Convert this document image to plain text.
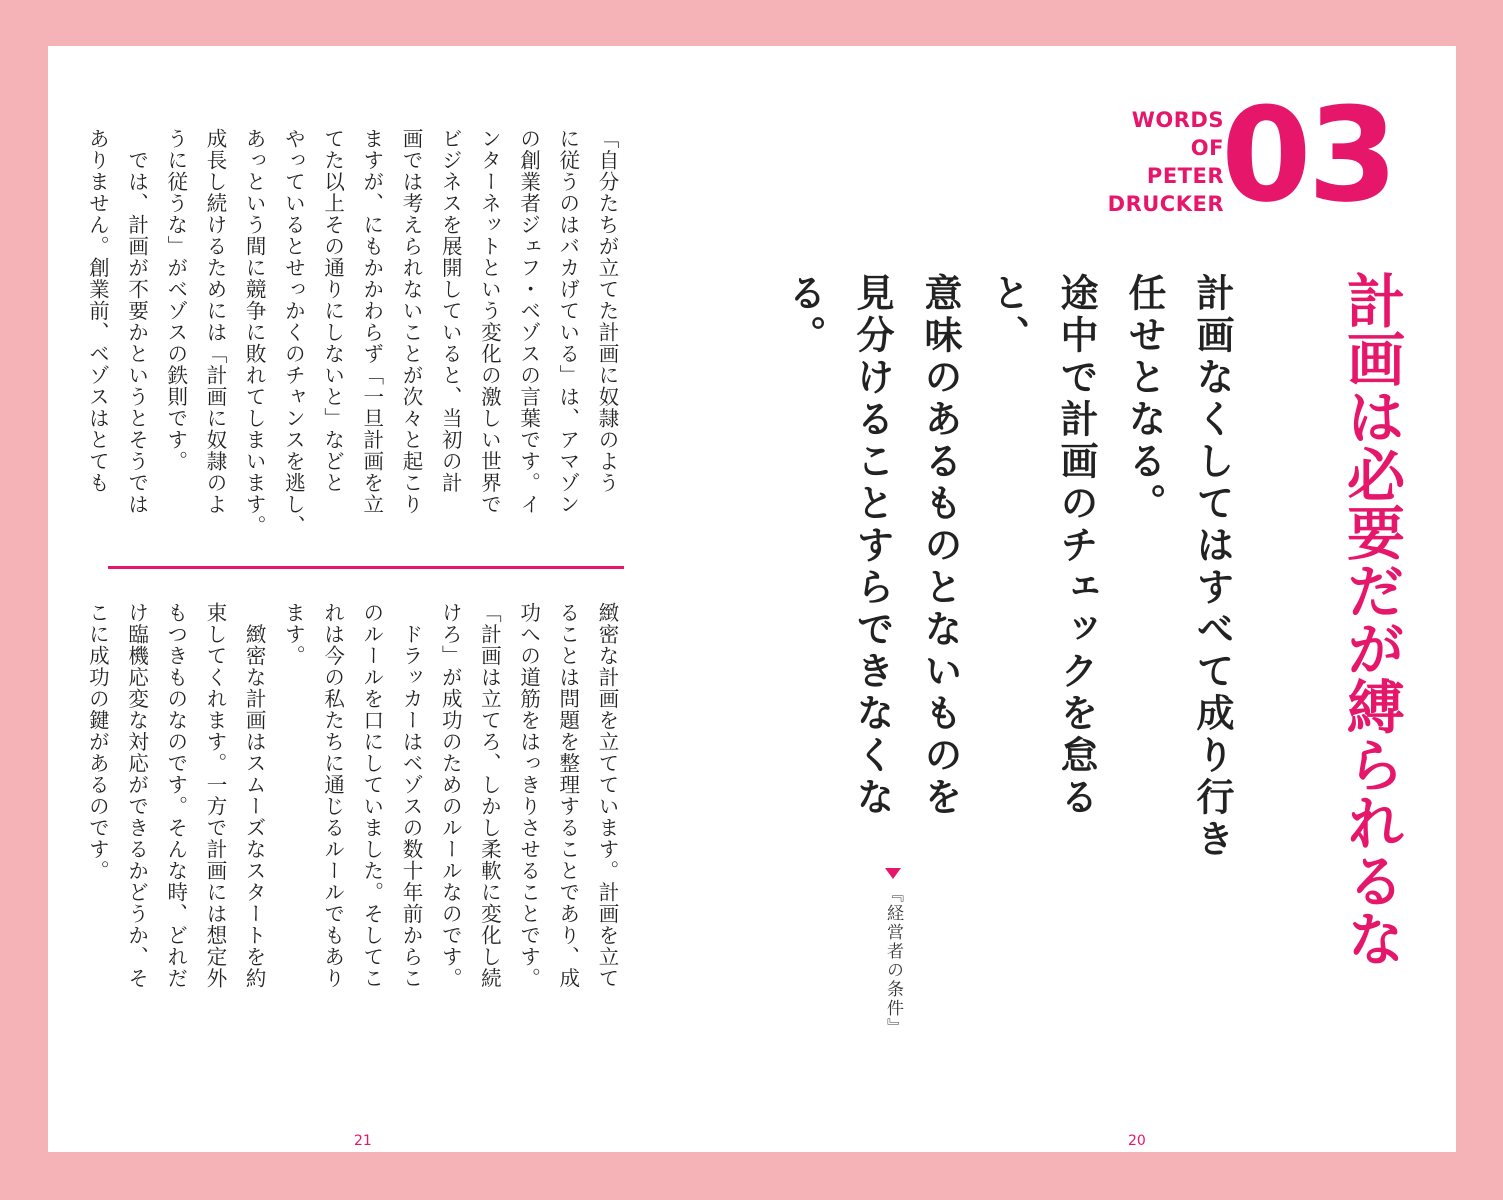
WORDS
OF
PETER
DRUCKER
03
計画は必要だが縛られるな
計画なくしてはすべて成り行き任せとなる。
途中で計画のチェックを怠ると、
意味のあるものとないものを
見分けることすらできなくなる。
『経営者の条件』
「自分たちが立てた計画に奴隷のよう
に従うのはバカげている」は、アマゾン
の創業者ジェフ・ベゾスの言葉です。イ
ンターネットという変化の激しい世界で
ビジネスを展開していると、当初の計
画では考えられないことが次々と起こり
ますが、にもかかわらず「一旦計画を立
てた以上その通りにしないと」などと
やっているとせっかくのチャンスを逃し、
あっという間に競争に敗れてしまいます。
成長し続けるためには「計画に奴隷のよ
うに従うな」がベゾスの鉄則です。
　では、計画が不要かというとそうでは
ありません。創業前、ベゾスはとても
緻密な計画を立てています。計画を立て
ることは問題を整理することであり、成
功への道筋をはっきりさせることです。
「計画は立てろ、しかし柔軟に変化し続
けろ」が成功のためのルールなのです。
　ドラッカーはベゾスの数十年前からこ
のルールを口にしていました。そしてこ
れは今の私たちに通じるルールでもあり
ます。
　緻密な計画はスムーズなスタートを約
束してくれます。一方で計画には想定外
もつきものなのです。そんな時、どれだ
け臨機応変な対応ができるかどうか、そ
こに成功の鍵があるのです。
21	20
